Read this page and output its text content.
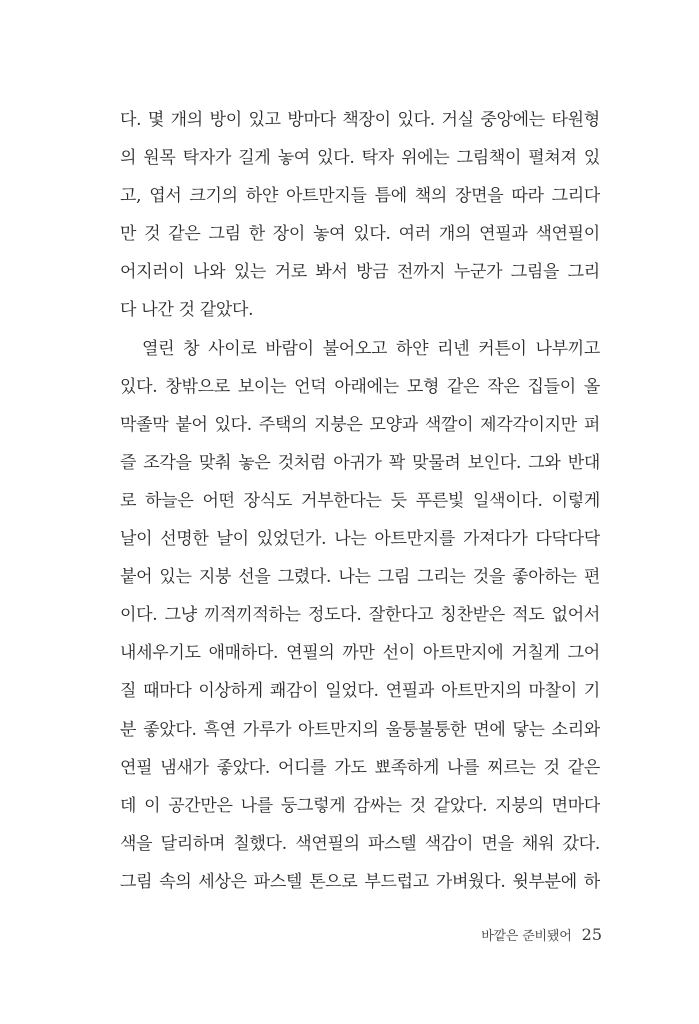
다. 몇 개의 방이 있고 방마다 책장이 있다. 거실 중앙에는 타원형
의 원목 탁자가 길게 놓여 있다. 탁자 위에는 그림책이 펼쳐져 있
고, 엽서 크기의 하얀 아트만지들 틈에 책의 장면을 따라 그리다
만 것 같은 그림 한 장이 놓여 있다. 여러 개의 연필과 색연필이
어지러이 나와 있는 거로 봐서 방금 전까지 누군가 그림을 그리
다 나간 것 같았다.
열린 창 사이로 바람이 불어오고 하얀 리넨 커튼이 나부끼고
있다. 창밖으로 보이는 언덕 아래에는 모형 같은 작은 집들이 올
막졸막 붙어 있다. 주택의 지붕은 모양과 색깔이 제각각이지만 퍼
즐 조각을 맞춰 놓은 것처럼 아귀가 꽉 맞물려 보인다. 그와 반대
로 하늘은 어떤 장식도 거부한다는 듯 푸른빛 일색이다. 이렇게
날이 선명한 날이 있었던가. 나는 아트만지를 가져다가 다닥다닥
붙어 있는 지붕 선을 그렸다. 나는 그림 그리는 것을 좋아하는 편
이다. 그냥 끼적끼적하는 정도다. 잘한다고 칭찬받은 적도 없어서
내세우기도 애매하다. 연필의 까만 선이 아트만지에 거칠게 그어
질 때마다 이상하게 쾌감이 일었다. 연필과 아트만지의 마찰이 기
분 좋았다. 흑연 가루가 아트만지의 울퉁불퉁한 면에 닿는 소리와
연필 냄새가 좋았다. 어디를 가도 뾰족하게 나를 찌르는 것 같은
데 이 공간만은 나를 둥그렇게 감싸는 것 같았다. 지붕의 면마다
색을 달리하며 칠했다. 색연필의 파스텔 색감이 면을 채워 갔다.
그림 속의 세상은 파스텔 톤으로 부드럽고 가벼웠다. 윗부분에 하
바깥은 준비됐어 25
